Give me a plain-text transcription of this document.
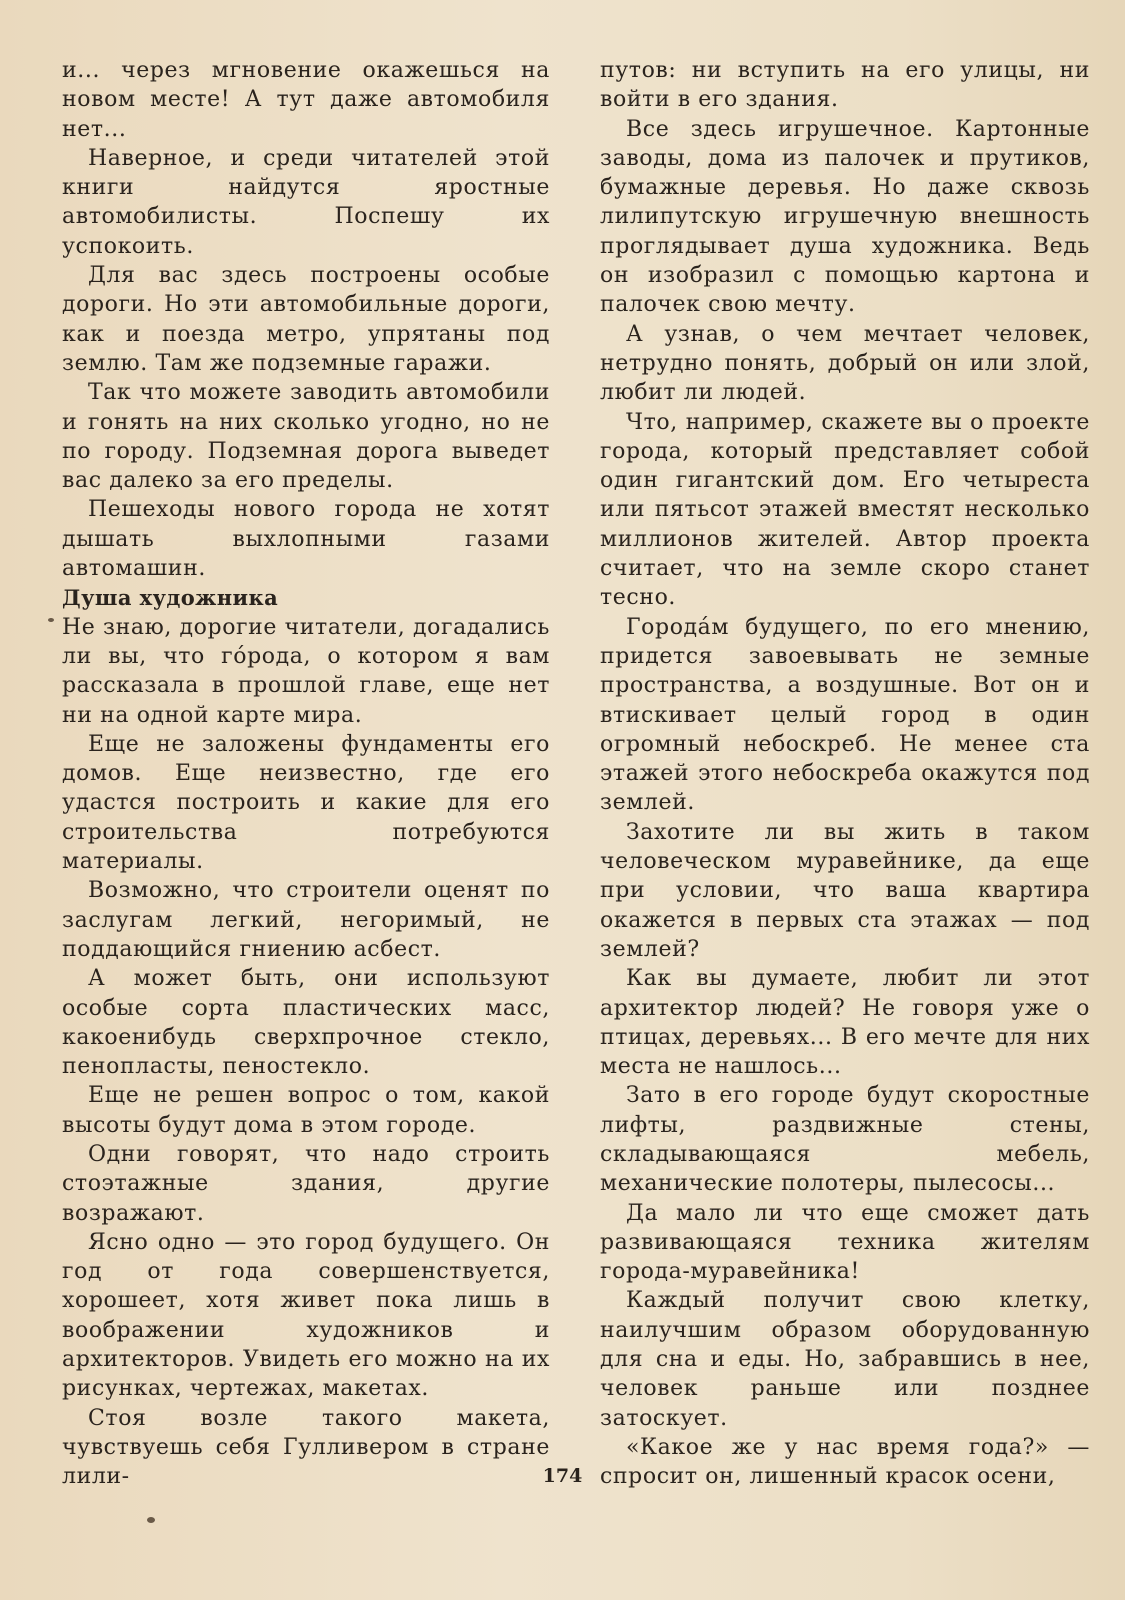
и... через мгновение окажешься на новом месте! А тут даже автомобиля нет...

Наверное, и среди читателей этой книги найдутся яростные автомобилисты. Поспешу их успокоить.

Для вас здесь построены особые дороги. Но эти автомобильные дороги, как и поезда метро, упрятаны под землю. Там же подземные гаражи.

Так что можете заводить автомобили и гонять на них сколько угодно, но не по городу. Подземная дорога выведет вас далеко за его пределы.

Пешеходы нового города не хотят дышать выхлопными газами автомашин.

Душа художника

Не знаю, дорогие читатели, догадались ли вы, что гóрода, о котором я вам рассказала в прошлой главе, еще нет ни на одной карте мира.

Еще не заложены фундаменты его домов. Еще неизвестно, где его удастся построить и какие для его строительства потребуются материалы.

Возможно, что строители оценят по заслугам легкий, негоримый, не поддающийся гниению асбест.

А может быть, они используют особые сорта пластических масс, какоенибудь сверхпрочное стекло, пенопласты, пеностекло.

Еще не решен вопрос о том, какой высоты будут дома в этом городе.

Одни говорят, что надо строить стоэтажные здания, другие возражают.

Ясно одно — это город будущего. Он год от года совершенствуется, хорошеет, хотя живет пока лишь в воображении художников и архитекторов. Увидеть его можно на их рисунках, чертежах, макетах.

Стоя возле такого макета, чувствуешь себя Гулливером в стране лили-

путов: ни вступить на его улицы, ни войти в его здания.

Все здесь игрушечное. Картонные заводы, дома из палочек и прутиков, бумажные деревья. Но даже сквозь лилипутскую игрушечную внешность проглядывает душа художника. Ведь он изобразил с помощью картона и палочек свою мечту.

А узнав, о чем мечтает человек, нетрудно понять, добрый он или злой, любит ли людей.

Что, например, скажете вы о проекте города, который представляет собой один гигантский дом. Его четыреста или пятьсот этажей вместят несколько миллионов жителей. Автор проекта считает, что на земле скоро станет тесно.

Городáм будущего, по его мнению, придется завоевывать не земные пространства, а воздушные. Вот он и втискивает целый город в один огромный небоскреб. Не менее ста этажей этого небоскреба окажутся под землей.

Захотите ли вы жить в таком человеческом муравейнике, да еще при условии, что ваша квартира окажется в первых ста этажах — под землей?

Как вы думаете, любит ли этот архитектор людей? Не говоря уже о птицах, деревьях... В его мечте для них места не нашлось...

Зато в его городе будут скоростные лифты, раздвижные стены, складывающаяся мебель, механические полотеры, пылесосы...

Да мало ли что еще сможет дать развивающаяся техника жителям города-муравейника!

Каждый получит свою клетку, наилучшим образом оборудованную для сна и еды. Но, забравшись в нее, человек раньше или позднее затоскует.

«Какое же у нас время года?» — спросит он, лишенный красок осени,

174
